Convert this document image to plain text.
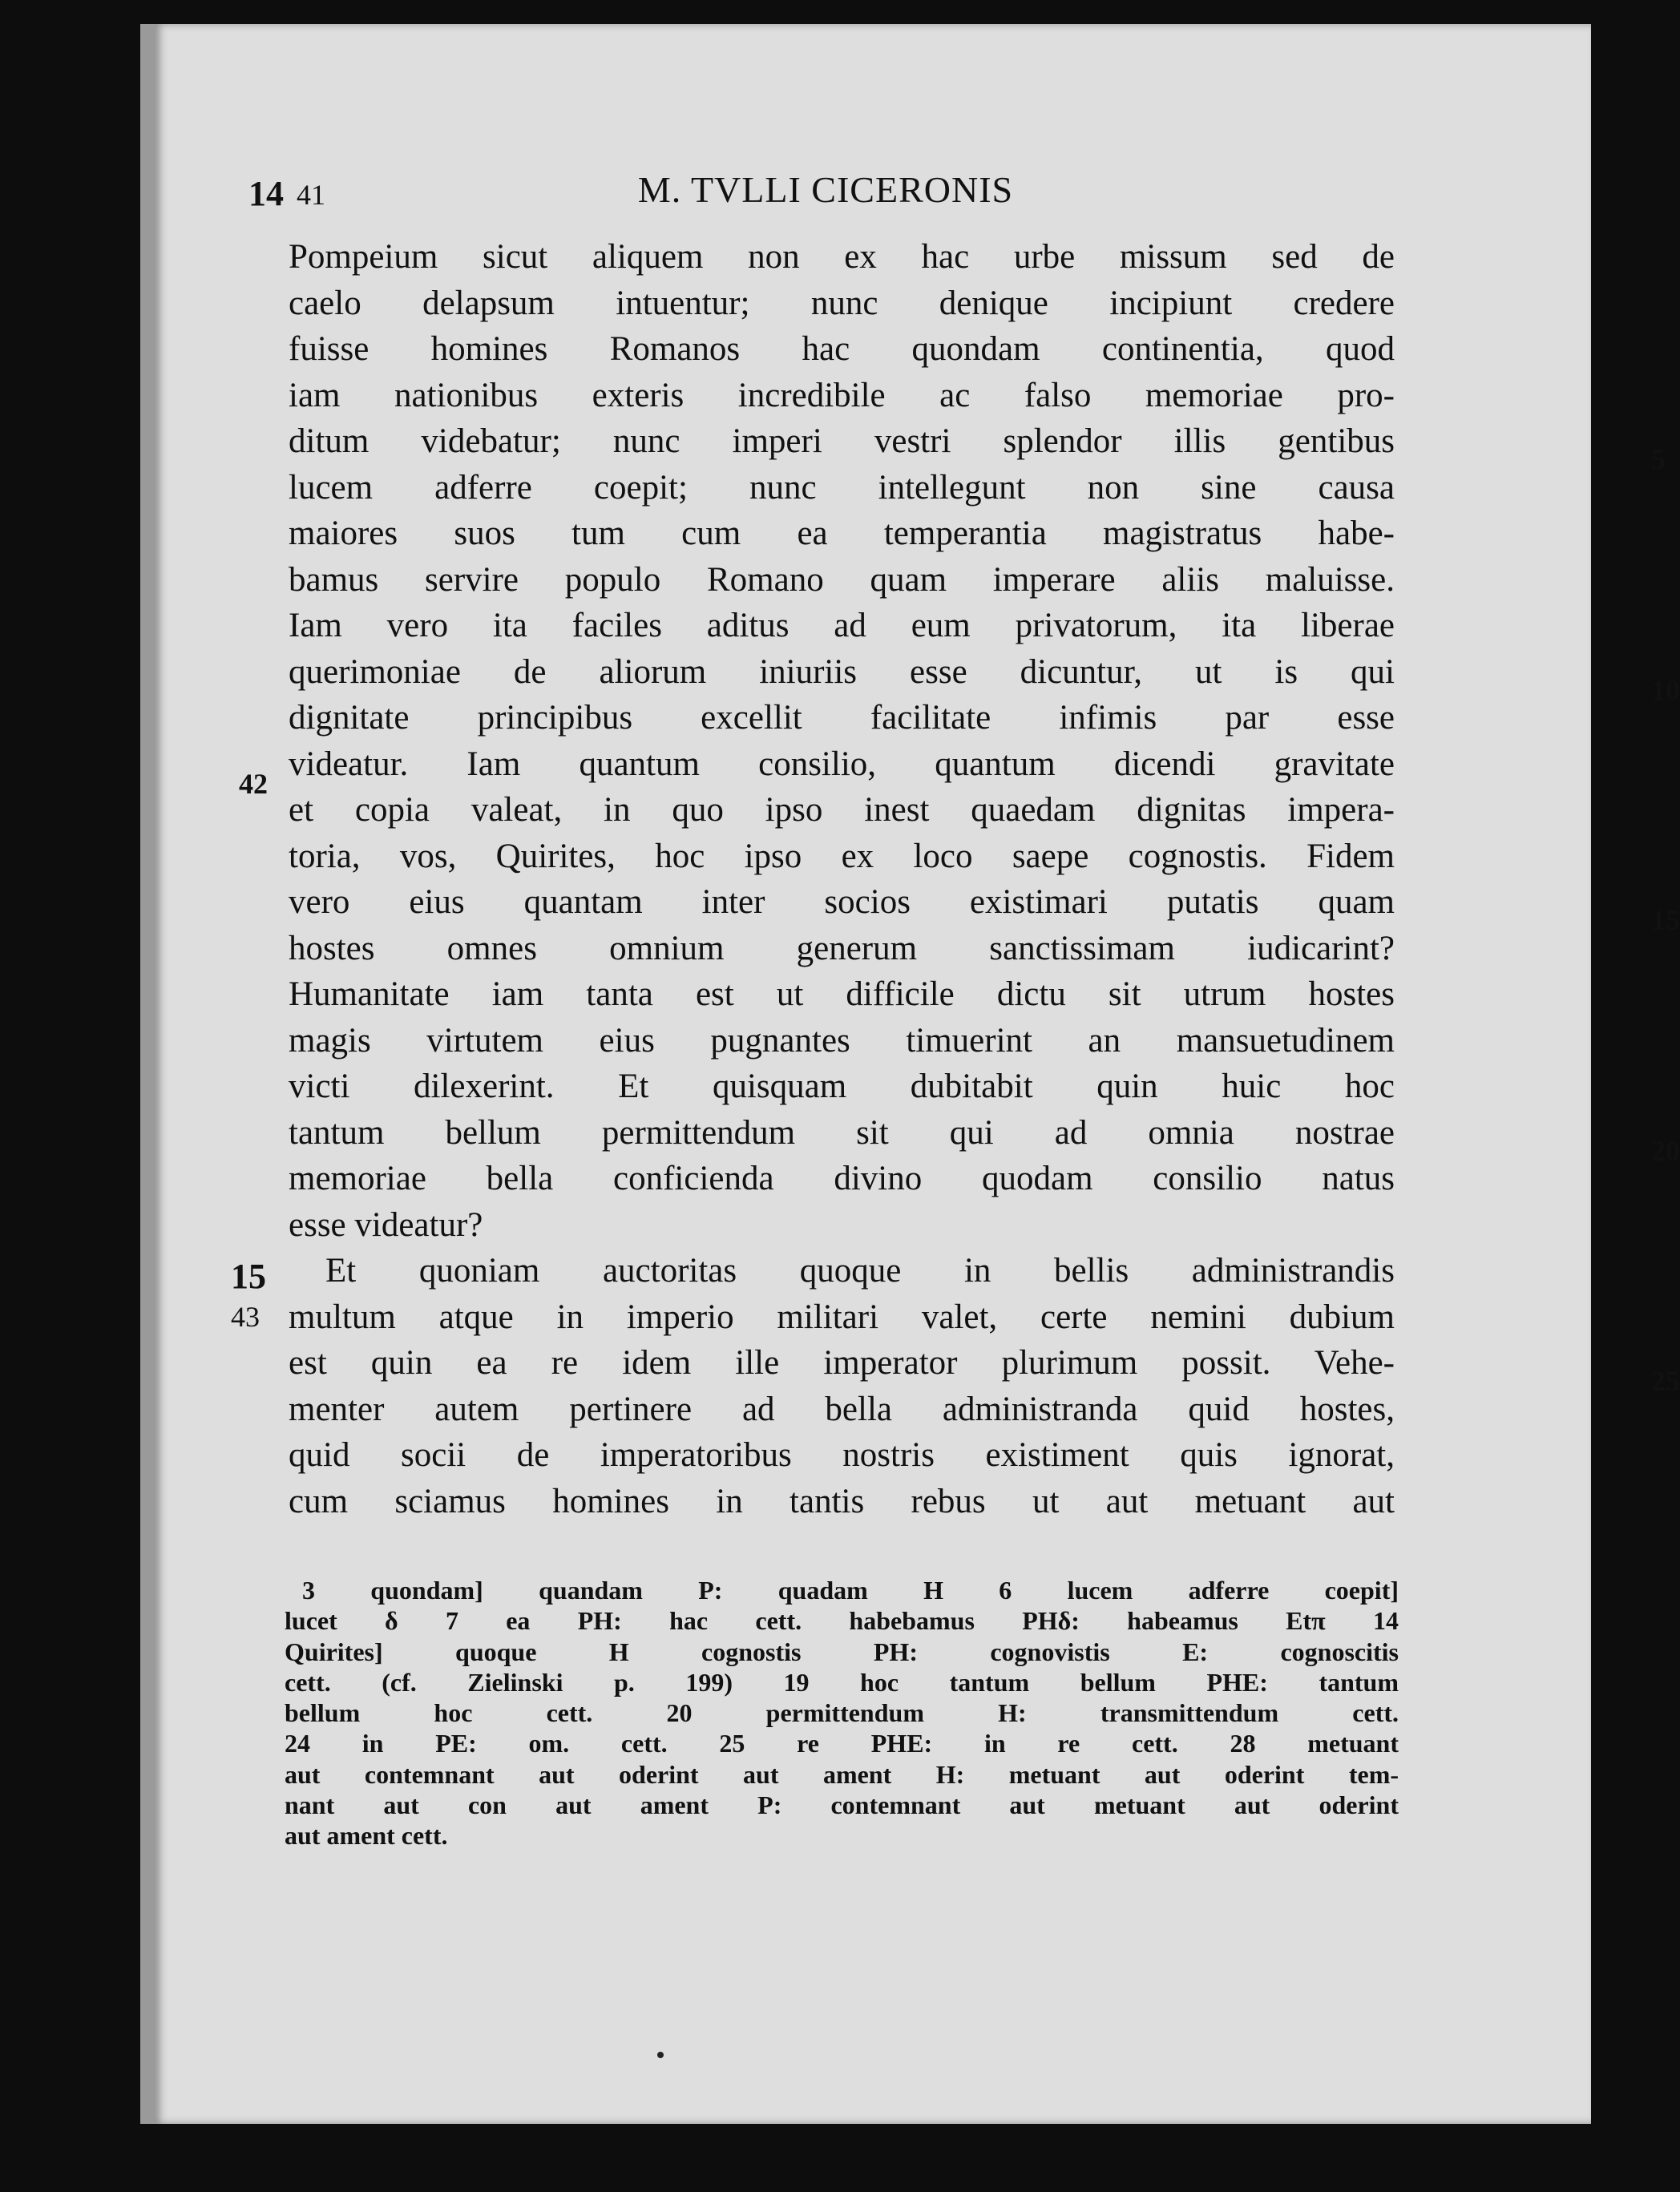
M. TVLLI CICERONIS
14 41
Pompeium sicut aliquem non ex hac urbe missum sed de
caelo delapsum intuentur; nunc denique incipiunt credere
fuisse homines Romanos hac quondam continentia, quod
iam nationibus exteris incredibile ac falso memoriae pro-
ditum videbatur; nunc imperi vestri splendor illis gentibus
lucem adferre coepit; nunc intellegunt non sine causa
maiores suos tum cum ea temperantia magistratus habe-
bamus servire populo Romano quam imperare aliis maluisse.
Iam vero ita faciles aditus ad eum privatorum, ita liberae
querimoniae de aliorum iniuriis esse dicuntur, ut is qui
dignitate principibus excellit facilitate infimis par esse
videatur. Iam quantum consilio, quantum dicendi gravitate
et copia valeat, in quo ipso inest quaedam dignitas impera-
toria, vos, Quirites, hoc ipso ex loco saepe cognostis. Fidem
vero eius quantam inter socios existimari putatis quam
hostes omnes omnium generum sanctissimam iudicarint?
Humanitate iam tanta est ut difficile dictu sit utrum hostes
magis virtutem eius pugnantes timuerint an mansuetudinem
victi dilexerint. Et quisquam dubitabit quin huic hoc
tantum bellum permittendum sit qui ad omnia nostrae
memoriae bella conficienda divino quodam consilio natus
esse videatur?
Et quoniam auctoritas quoque in bellis administrandis
multum atque in imperio militari valet, certe nemini dubium
est quin ea re idem ille imperator plurimum possit. Vehe-
menter autem pertinere ad bella administranda quid hostes,
quid socii de imperatoribus nostris existiment quis ignorat,
cum sciamus homines in tantis rebus ut aut metuant aut
5
10
15
20
25
42
15
43
3 quondam] quandam P: quadam H 6 lucem adferre coepit]
lucet δ 7 ea PH: hac cett. habebamus PHδ: habeamus Etπ 14
Quirites] quoque H cognostis PH: cognovistis E: cognoscitis
cett. (cf. Zielinski p. 199) 19 hoc tantum bellum PHE: tantum
bellum hoc cett. 20 permittendum H: transmittendum cett.
24 in PE: om. cett. 25 re PHE: in re cett. 28 metuant
aut contemnant aut oderint aut ament H: metuant aut oderint tem-
nant aut con aut ament P: contemnant aut metuant aut oderint
aut ament cett.
